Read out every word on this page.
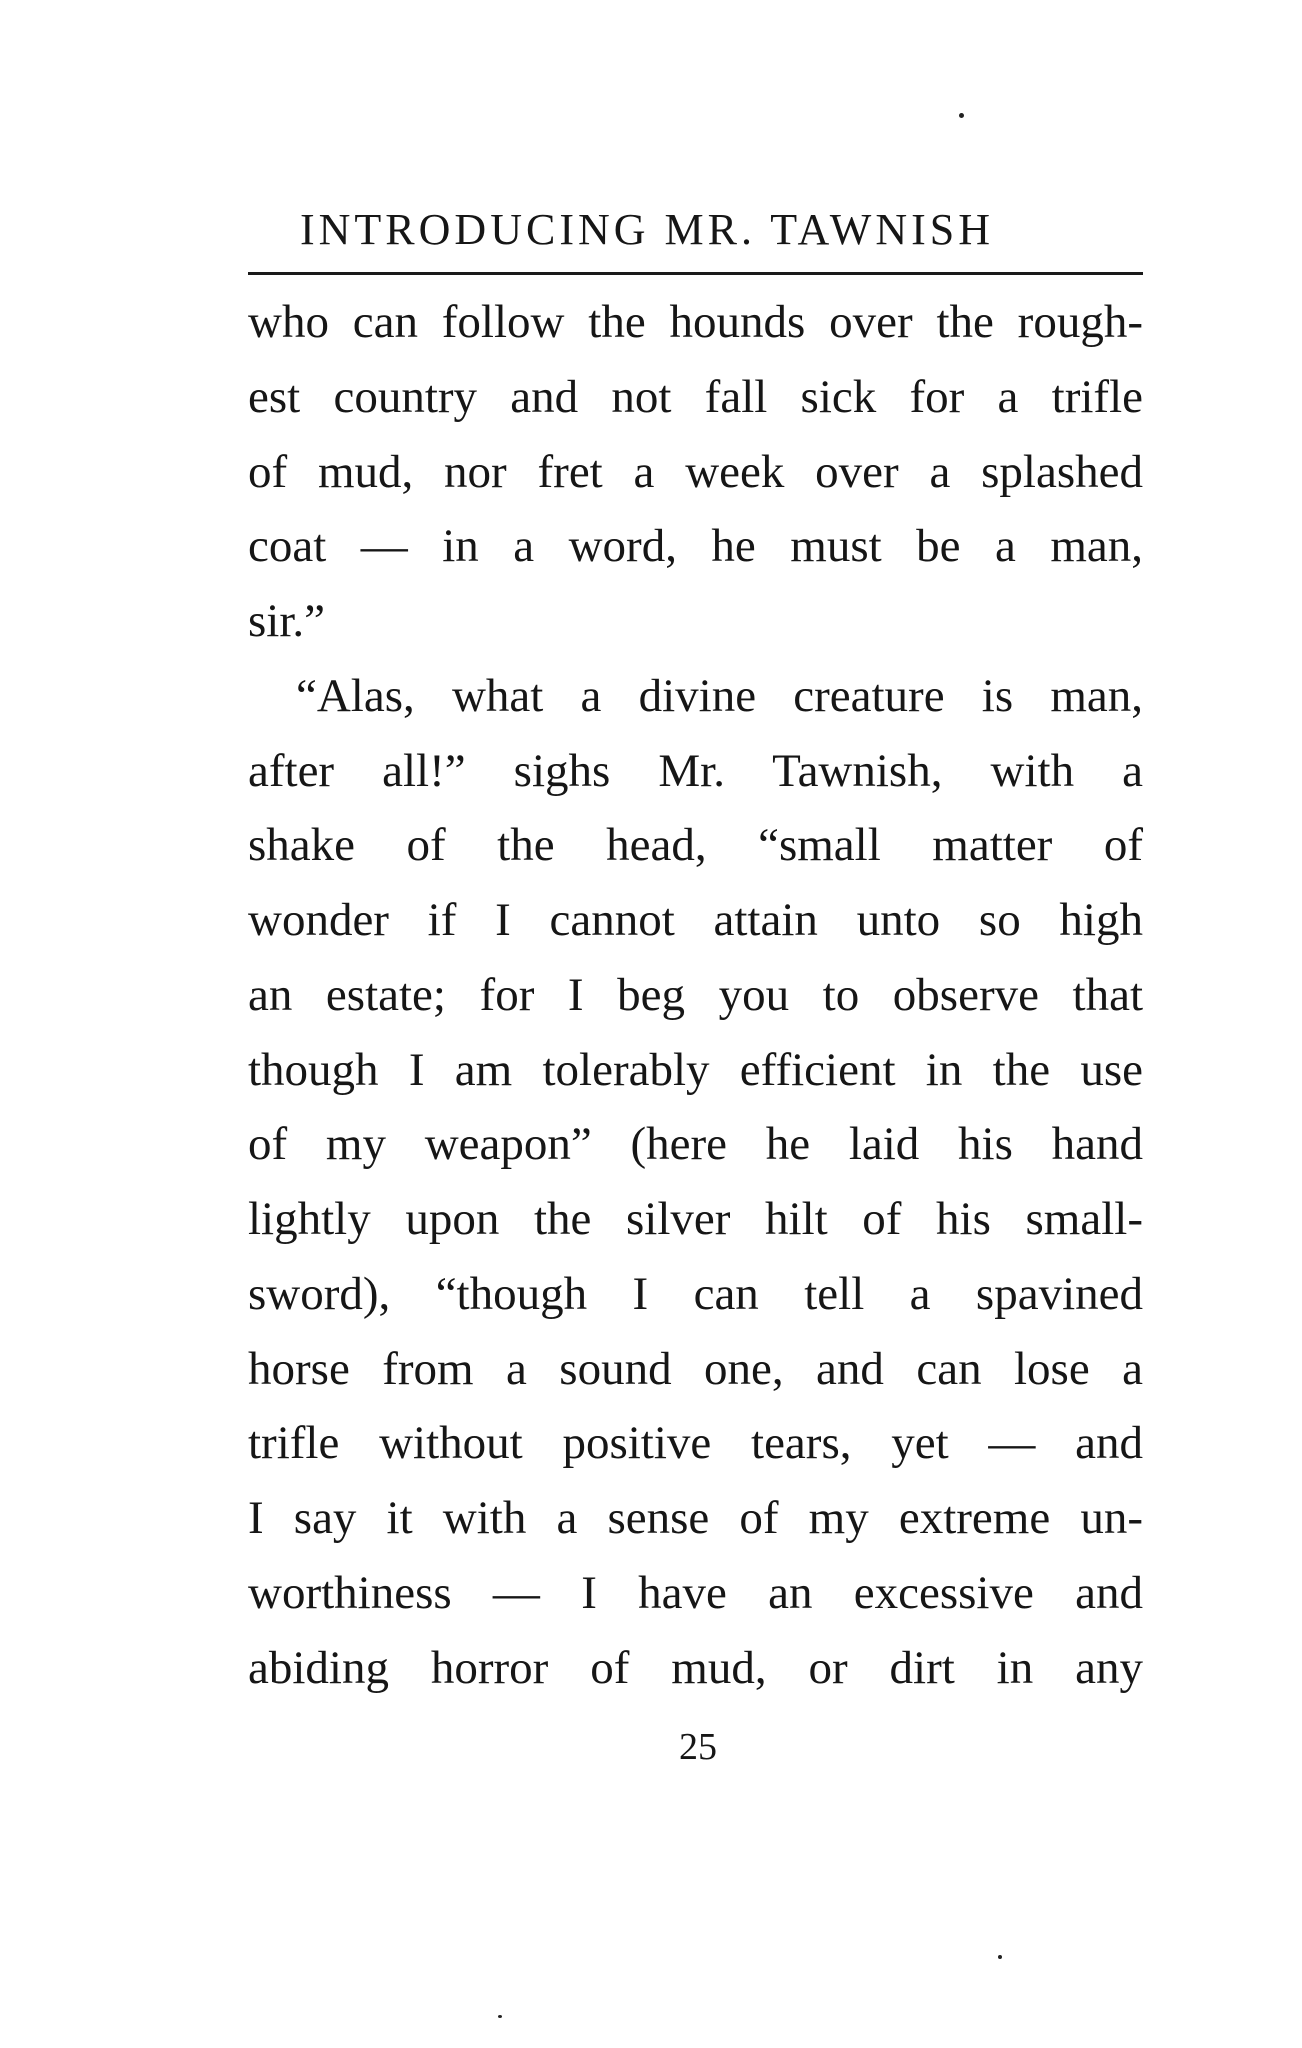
INTRODUCING MR. TAWNISH
who can follow the hounds over the rough-
est country and not fall sick for a trifle
of mud, nor fret a week over a splashed
coat — in a word, he must be a man,
sir.”
“Alas, what a divine creature is man,
after all!” sighs Mr. Tawnish, with a
shake of the head, “small matter of
wonder if I cannot attain unto so high
an estate; for I beg you to observe that
though I am tolerably efficient in the use
of my weapon” (here he laid his hand
lightly upon the silver hilt of his small-
sword), “though I can tell a spavined
horse from a sound one, and can lose a
trifle without positive tears, yet — and
I say it with a sense of my extreme un-
worthiness — I have an excessive and
abiding horror of mud, or dirt in any
25
